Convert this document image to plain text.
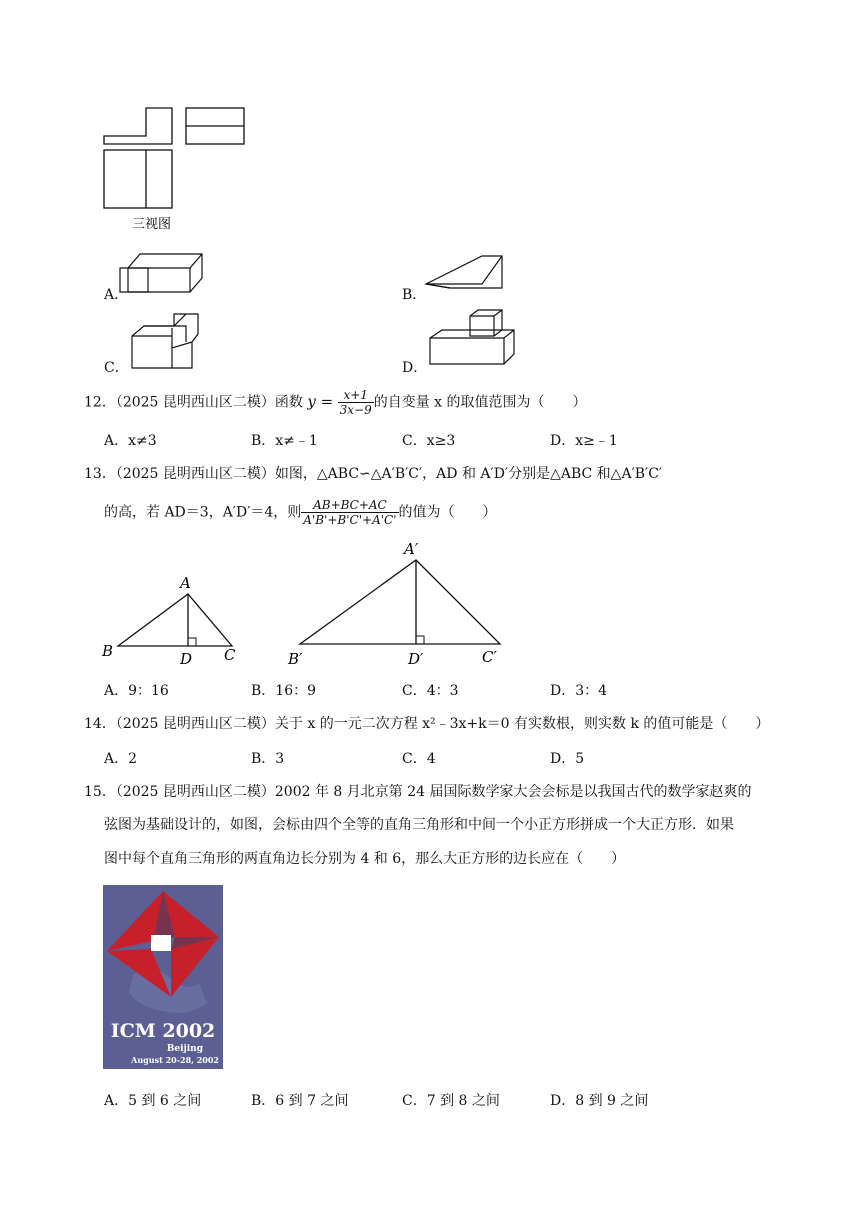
三视图
A．	B．
C．	D．
12．（2025 昆明西山区二模）函数 $y = \frac{x+1}{3x-9}$ 的自变量 x 的取值范围为（　　）
A．x≠3	B．x≠﹣1	C．x≥3	D．x≥﹣1
13．（2025 昆明西山区二模）如图，△ABC∽△A′B′C′，AD 和 A′D′分别是△ABC 和△A′B′C′
的高，若 AD＝3，A′D′＝4，则 $\frac{AB+BC+AC}{A'B'+B'C'+A'C'}$ 的值为（　　）
A
B	D C
A′
B′	D′	C′
A．9：16	B．16：9	C．4：3	D．3：4
14．（2025 昆明西山区二模）关于 x 的一元二次方程 x²﹣3x+k＝0 有实数根，则实数 k 的值可能是（　　）
A．2	B．3	C．4	D．5
15．（2025 昆明西山区二模）2002 年 8 月北京第 24 届国际数学家大会会标是以我国古代的数学家赵爽的
弦图为基础设计的，如图，会标由四个全等的直角三角形和中间一个小正方形拼成一个大正方形．如果
图中每个直角三角形的两直角边长分别为 4 和 6，那么大正方形的边长应在（　　）
ICM 2002
Beijing
August 20-28, 2002
A．5 到 6 之间	B．6 到 7 之间	C．7 到 8 之间	D．8 到 9 之间
